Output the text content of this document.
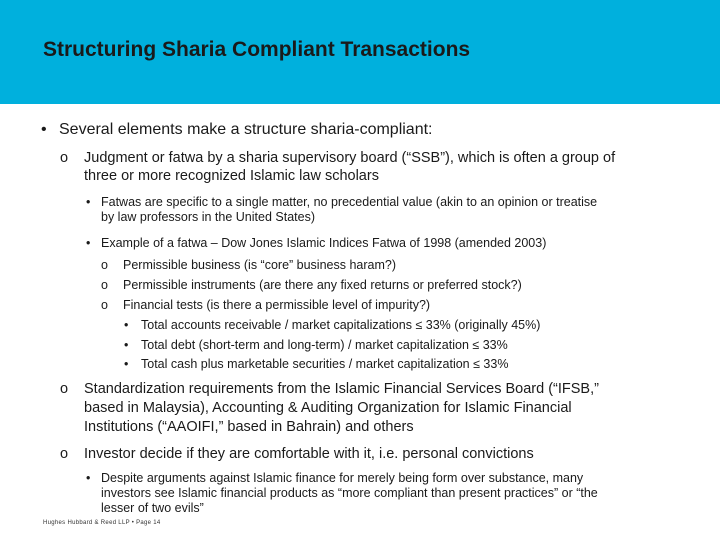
Structuring Sharia Compliant Transactions
• Several elements make a structure sharia-compliant:
o Judgment or fatwa by a sharia supervisory board (“SSB”), which is often a group of
three or more recognized Islamic law scholars
• Fatwas are specific to a single matter, no precedential value (akin to an opinion or treatise
by law professors in the United States)
• Example of a fatwa – Dow Jones Islamic Indices Fatwa of 1998 (amended 2003)
o Permissible business (is “core” business haram?)
o Permissible instruments (are there any fixed returns or preferred stock?)
o Financial tests (is there a permissible level of impurity?)
• Total accounts receivable / market capitalizations ≤ 33% (originally 45%)
• Total debt (short-term and long-term) / market capitalization ≤ 33%
• Total cash plus marketable securities / market capitalization ≤ 33%
o Standardization requirements from the Islamic Financial Services Board (“IFSB,”
based in Malaysia), Accounting & Auditing Organization for Islamic Financial
Institutions (“AAOIFI,” based in Bahrain) and others
o Investor decide if they are comfortable with it, i.e. personal convictions
• Despite arguments against Islamic finance for merely being form over substance, many
investors see Islamic financial products as “more compliant than present practices” or “the
lesser of two evils”
Hughes Hubbard & Reed LLP • Page 14
